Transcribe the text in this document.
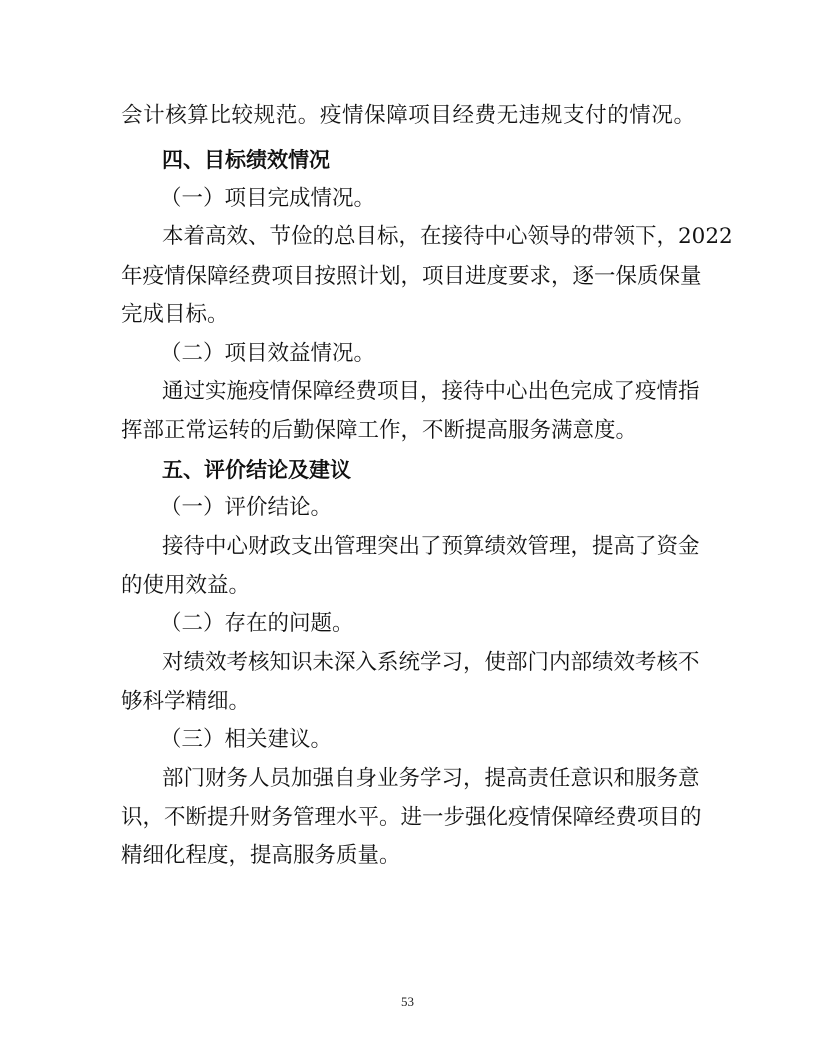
会计核算比较规范。疫情保障项目经费无违规支付的情况。
四、目标绩效情况
（一）项目完成情况。
本着高效、节俭的总目标，在接待中心领导的带领下，2022
年疫情保障经费项目按照计划，项目进度要求，逐一保质保量
完成目标。
（二）项目效益情况。
通过实施疫情保障经费项目，接待中心出色完成了疫情指
挥部正常运转的后勤保障工作，不断提高服务满意度。
五、评价结论及建议
（一）评价结论。
接待中心财政支出管理突出了预算绩效管理，提高了资金
的使用效益。
（二）存在的问题。
对绩效考核知识未深入系统学习，使部门内部绩效考核不
够科学精细。
（三）相关建议。
部门财务人员加强自身业务学习，提高责任意识和服务意
识，不断提升财务管理水平。进一步强化疫情保障经费项目的
精细化程度，提高服务质量。
53
